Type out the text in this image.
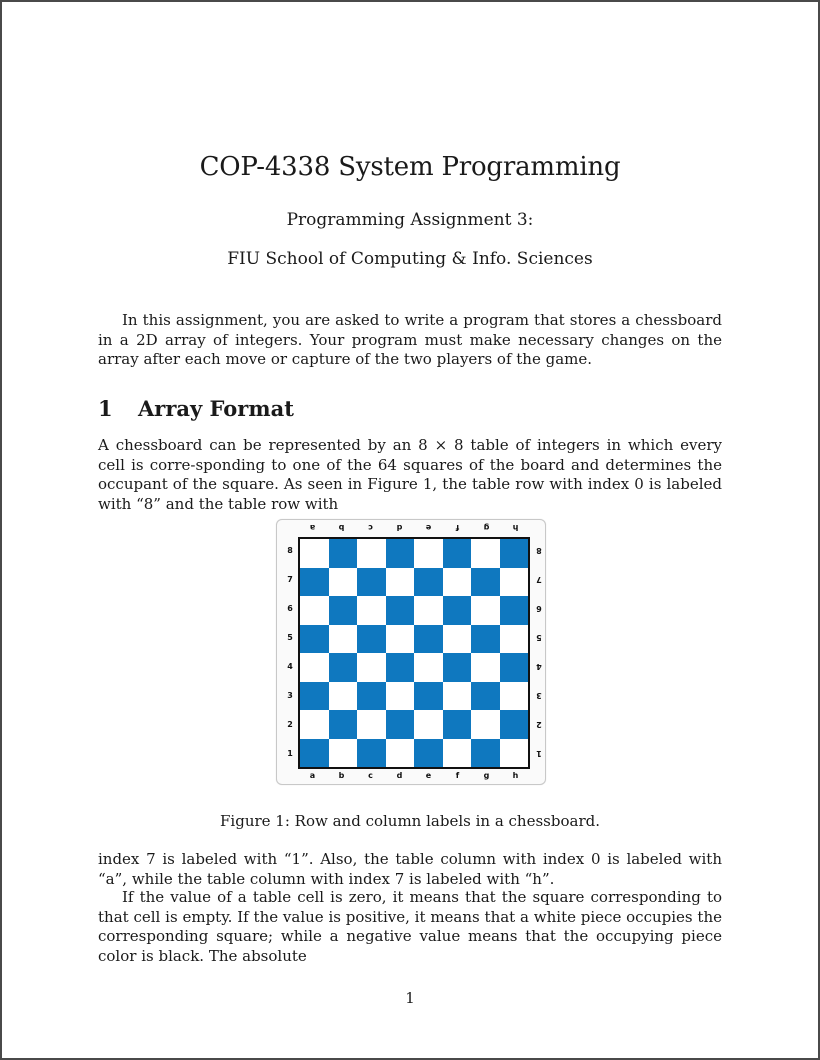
COP-4338 System Programming
Programming Assignment 3:
FIU School of Computing & Info. Sciences
In this assignment, you are asked to write a program that stores a chessboard in a 2D array of integers. Your program must make necessary changes on the array after each move or capture of the two players of the game.
1 Array Format
A chessboard can be represented by an 8 × 8 table of integers in which every cell is corre-sponding to one of the 64 squares of the board and determines the occupant of the square. As seen in Figure 1, the table row with index 0 is labeled with “8” and the table row with
a
a
b
b
c
c
d
d
e
e
f
f
g
g
h
h
8	8
7	7
6	6
5	5
4	4
3	3
2	2
1	1
Figure 1: Row and column labels in a chessboard.
index 7 is labeled with “1”. Also, the table column with index 0 is labeled with “a”, while the table column with index 7 is labeled with “h”.
If the value of a table cell is zero, it means that the square corresponding to that cell is empty. If the value is positive, it means that a white piece occupies the corresponding square; while a negative value means that the occupying piece color is black. The absolute
1
